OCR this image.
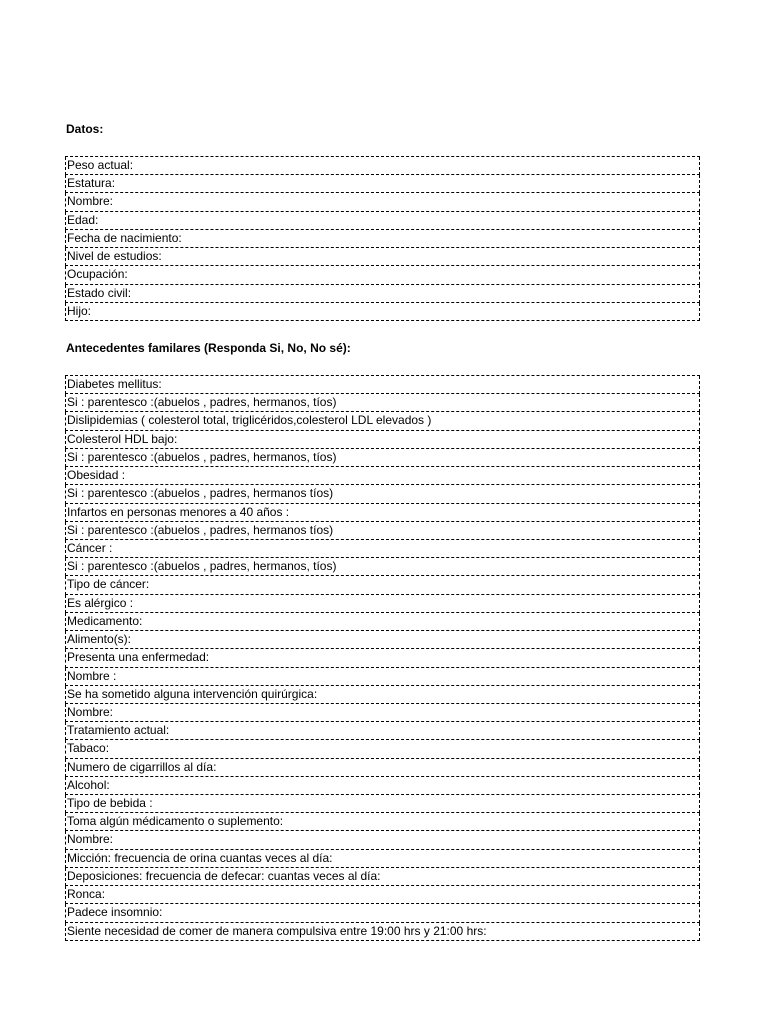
Datos:
Peso actual:
Estatura:
Nombre:
Edad:
Fecha de nacimiento:
Nivel de estudios:
Ocupación:
Estado civil:
Hijo:
Antecedentes familares (Responda Si, No, No sé):
Diabetes mellitus:
Si : parentesco :(abuelos , padres, hermanos, tíos)
Dislipidemias ( colesterol total, triglicéridos,colesterol LDL elevados )
Colesterol HDL bajo:
Si : parentesco :(abuelos , padres, hermanos, tíos)
Obesidad :
Si : parentesco :(abuelos , padres, hermanos tíos)
Infartos en personas menores a 40 años :
Si : parentesco :(abuelos , padres, hermanos tíos)
Cáncer :
Si : parentesco :(abuelos , padres, hermanos, tíos)
Tipo de cáncer:
Es alérgico :
Medicamento:
Alimento(s):
Presenta una enfermedad:
Nombre :
Se ha sometido alguna intervención quirúrgica:
Nombre:
Tratamiento actual:
Tabaco:
Numero de cigarrillos al día:
Alcohol:
Tipo de bebida :
Toma algún médicamento o suplemento:
Nombre:
Micción: frecuencia de orina cuantas veces al día:
Deposiciones: frecuencia de defecar: cuantas veces al día:
Ronca:
Padece insomnio:
Siente necesidad de comer de manera compulsiva entre 19:00 hrs y 21:00 hrs:
